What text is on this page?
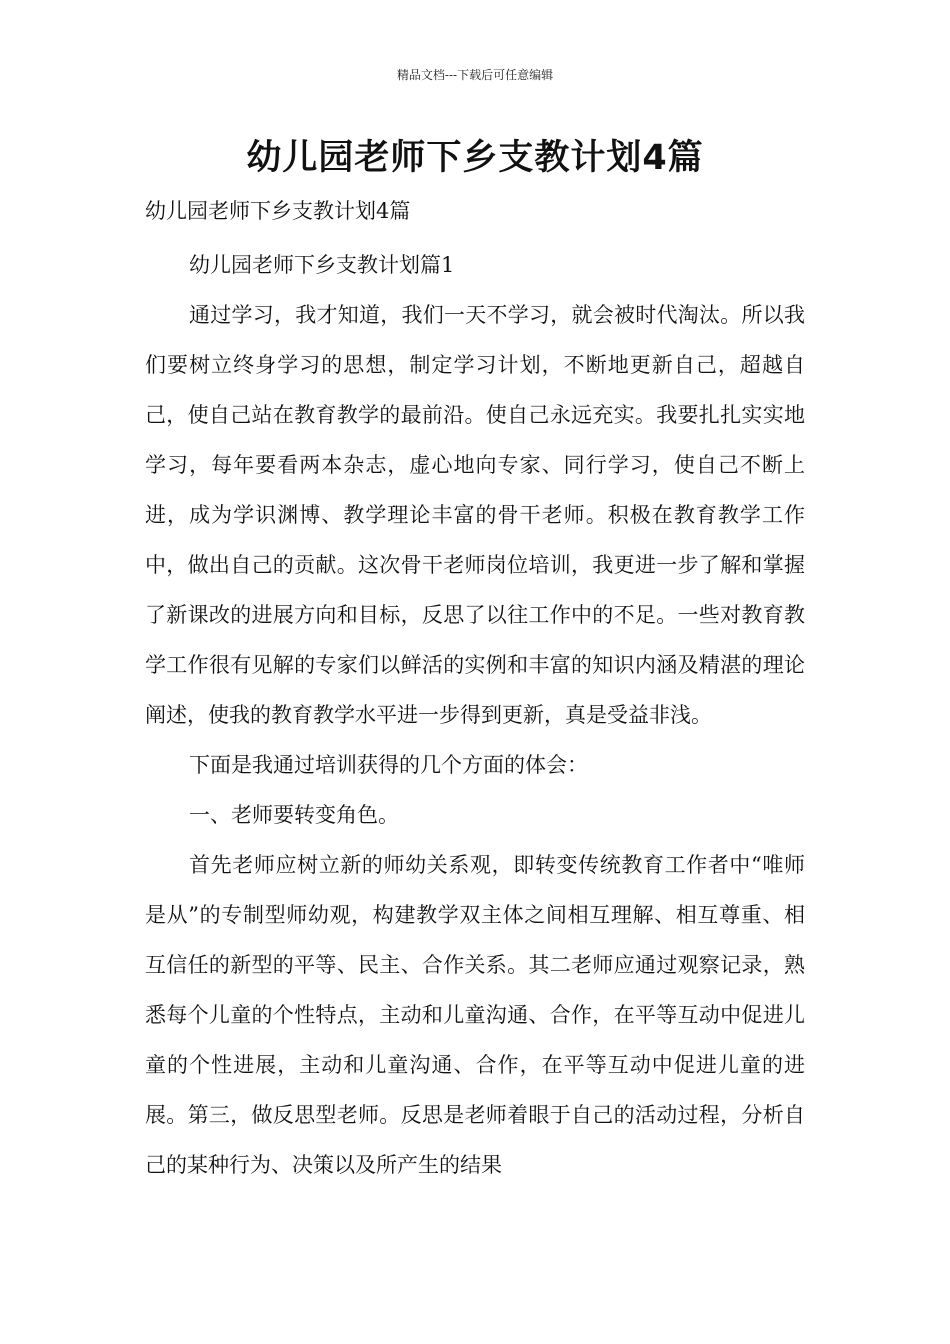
精品文档---下载后可任意编辑
幼儿园老师下乡支教计划4篇

幼儿园老师下乡支教计划4篇

幼儿园老师下乡支教计划篇1

通过学习，我才知道，我们一天不学习，就会被时代淘汰。所以我们要树立终身学习的思想，制定学习计划，不断地更新自己，超越自己，使自己站在教育教学的最前沿。使自己永远充实。我要扎扎实实地学习，每年要看两本杂志，虚心地向专家、同行学习，使自己不断上进，成为学识渊博、教学理论丰富的骨干老师。积极在教育教学工作中，做出自己的贡献。这次骨干老师岗位培训，我更进一步了解和掌握了新课改的进展方向和目标，反思了以往工作中的不足。一些对教育教学工作很有见解的专家们以鲜活的实例和丰富的知识内涵及精湛的理论阐述，使我的教育教学水平进一步得到更新，真是受益非浅。

下面是我通过培训获得的几个方面的体会：

一、老师要转变角色。

首先老师应树立新的师幼关系观，即转变传统教育工作者中“唯师是从”的专制型师幼观，构建教学双主体之间相互理解、相互尊重、相互信任的新型的平等、民主、合作关系。其二老师应通过观察记录，熟悉每个儿童的个性特点，主动和儿童沟通、合作，在平等互动中促进儿童的个性进展，主动和儿童沟通、合作，在平等互动中促进儿童的进展。第三，做反思型老师。反思是老师着眼于自己的活动过程，分析自己的某种行为、决策以及所产生的结果
